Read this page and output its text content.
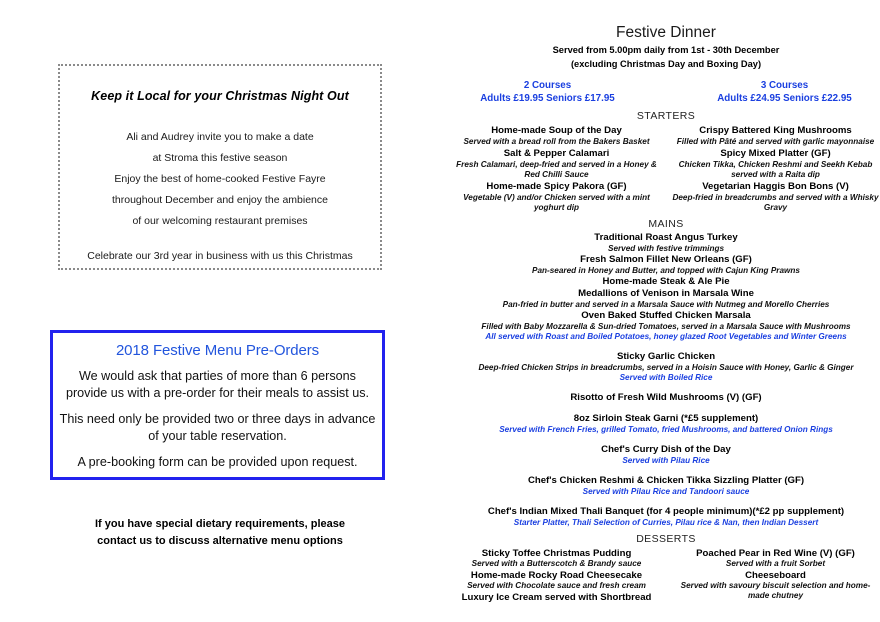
Keep it Local for your Christmas Night Out
Ali and Audrey invite you to make a date
at Stroma this festive season
Enjoy the best of home-cooked Festive Fayre
throughout December and enjoy the ambience
of our welcoming restaurant premises
Celebrate our 3rd year in business with us this Christmas
2018 Festive Menu Pre-Orders
We would ask that parties of more than 6 persons provide us with a pre-order for their meals to assist us.
This need only be provided two or three days in advance of your table reservation.
A pre-booking form can be provided upon request.
If you have special dietary requirements, please
contact us to discuss alternative menu options
Festive Dinner
Served from 5.00pm daily from 1st - 30th December
(excluding Christmas Day and Boxing Day)
2 Courses
Adults £19.95 Seniors £17.95
3 Courses
Adults £24.95 Seniors £22.95
STARTERS
Home-made Soup of the Day
Served with a bread roll from the Bakers Basket
Salt & Pepper Calamari
Fresh Calamari, deep-fried and served in a Honey & Red Chilli Sauce
Home-made Spicy Pakora (GF)
Vegetable (V) and/or Chicken served with a mint yoghurt dip
Crispy Battered King Mushrooms
Filled with Pâté and served with garlic mayonnaise
Spicy Mixed Platter (GF)
Chicken Tikka, Chicken Reshmi and Seekh Kebab served with a Raita dip
Vegetarian Haggis Bon Bons (V)
Deep-fried in breadcrumbs and served with a Whisky Gravy
MAINS
Traditional Roast Angus Turkey
Served with festive trimmings
Fresh Salmon Fillet New Orleans (GF)
Pan-seared in Honey and Butter, and topped with Cajun King Prawns
Home-made Steak & Ale Pie
Medallions of Venison in Marsala Wine
Pan-fried in butter and served in a Marsala Sauce with Nutmeg and Morello Cherries
Oven Baked Stuffed Chicken Marsala
Filled with Baby Mozzarella & Sun-dried Tomatoes, served in a Marsala Sauce with Mushrooms
All served with Roast and Boiled Potatoes, honey glazed Root Vegetables and Winter Greens
Sticky Garlic Chicken
Deep-fried Chicken Strips in breadcrumbs, served in a Hoisin Sauce with Honey, Garlic & Ginger
Served with Boiled Rice
Risotto of Fresh Wild Mushrooms (V) (GF)
8oz Sirloin Steak Garni (*£5 supplement)
Served with French Fries, grilled Tomato, fried Mushrooms, and battered Onion Rings
Chef's Curry Dish of the Day
Served with Pilau Rice
Chef's Chicken Reshmi & Chicken Tikka Sizzling Platter (GF)
Served with Pilau Rice and Tandoori sauce
Chef's Indian Mixed Thali Banquet (for 4 people minimum)(*£2 pp supplement)
Starter Platter, Thali Selection of Curries, Pilau rice & Nan, then Indian Dessert
DESSERTS
Sticky Toffee Christmas Pudding
Served with a Butterscotch & Brandy sauce
Home-made Rocky Road Cheesecake
Served with Chocolate sauce and fresh cream
Luxury Ice Cream served with Shortbread
Poached Pear in Red Wine (V) (GF)
Served with a fruit Sorbet
Cheeseboard
Served with savoury biscuit selection and home-made chutney
